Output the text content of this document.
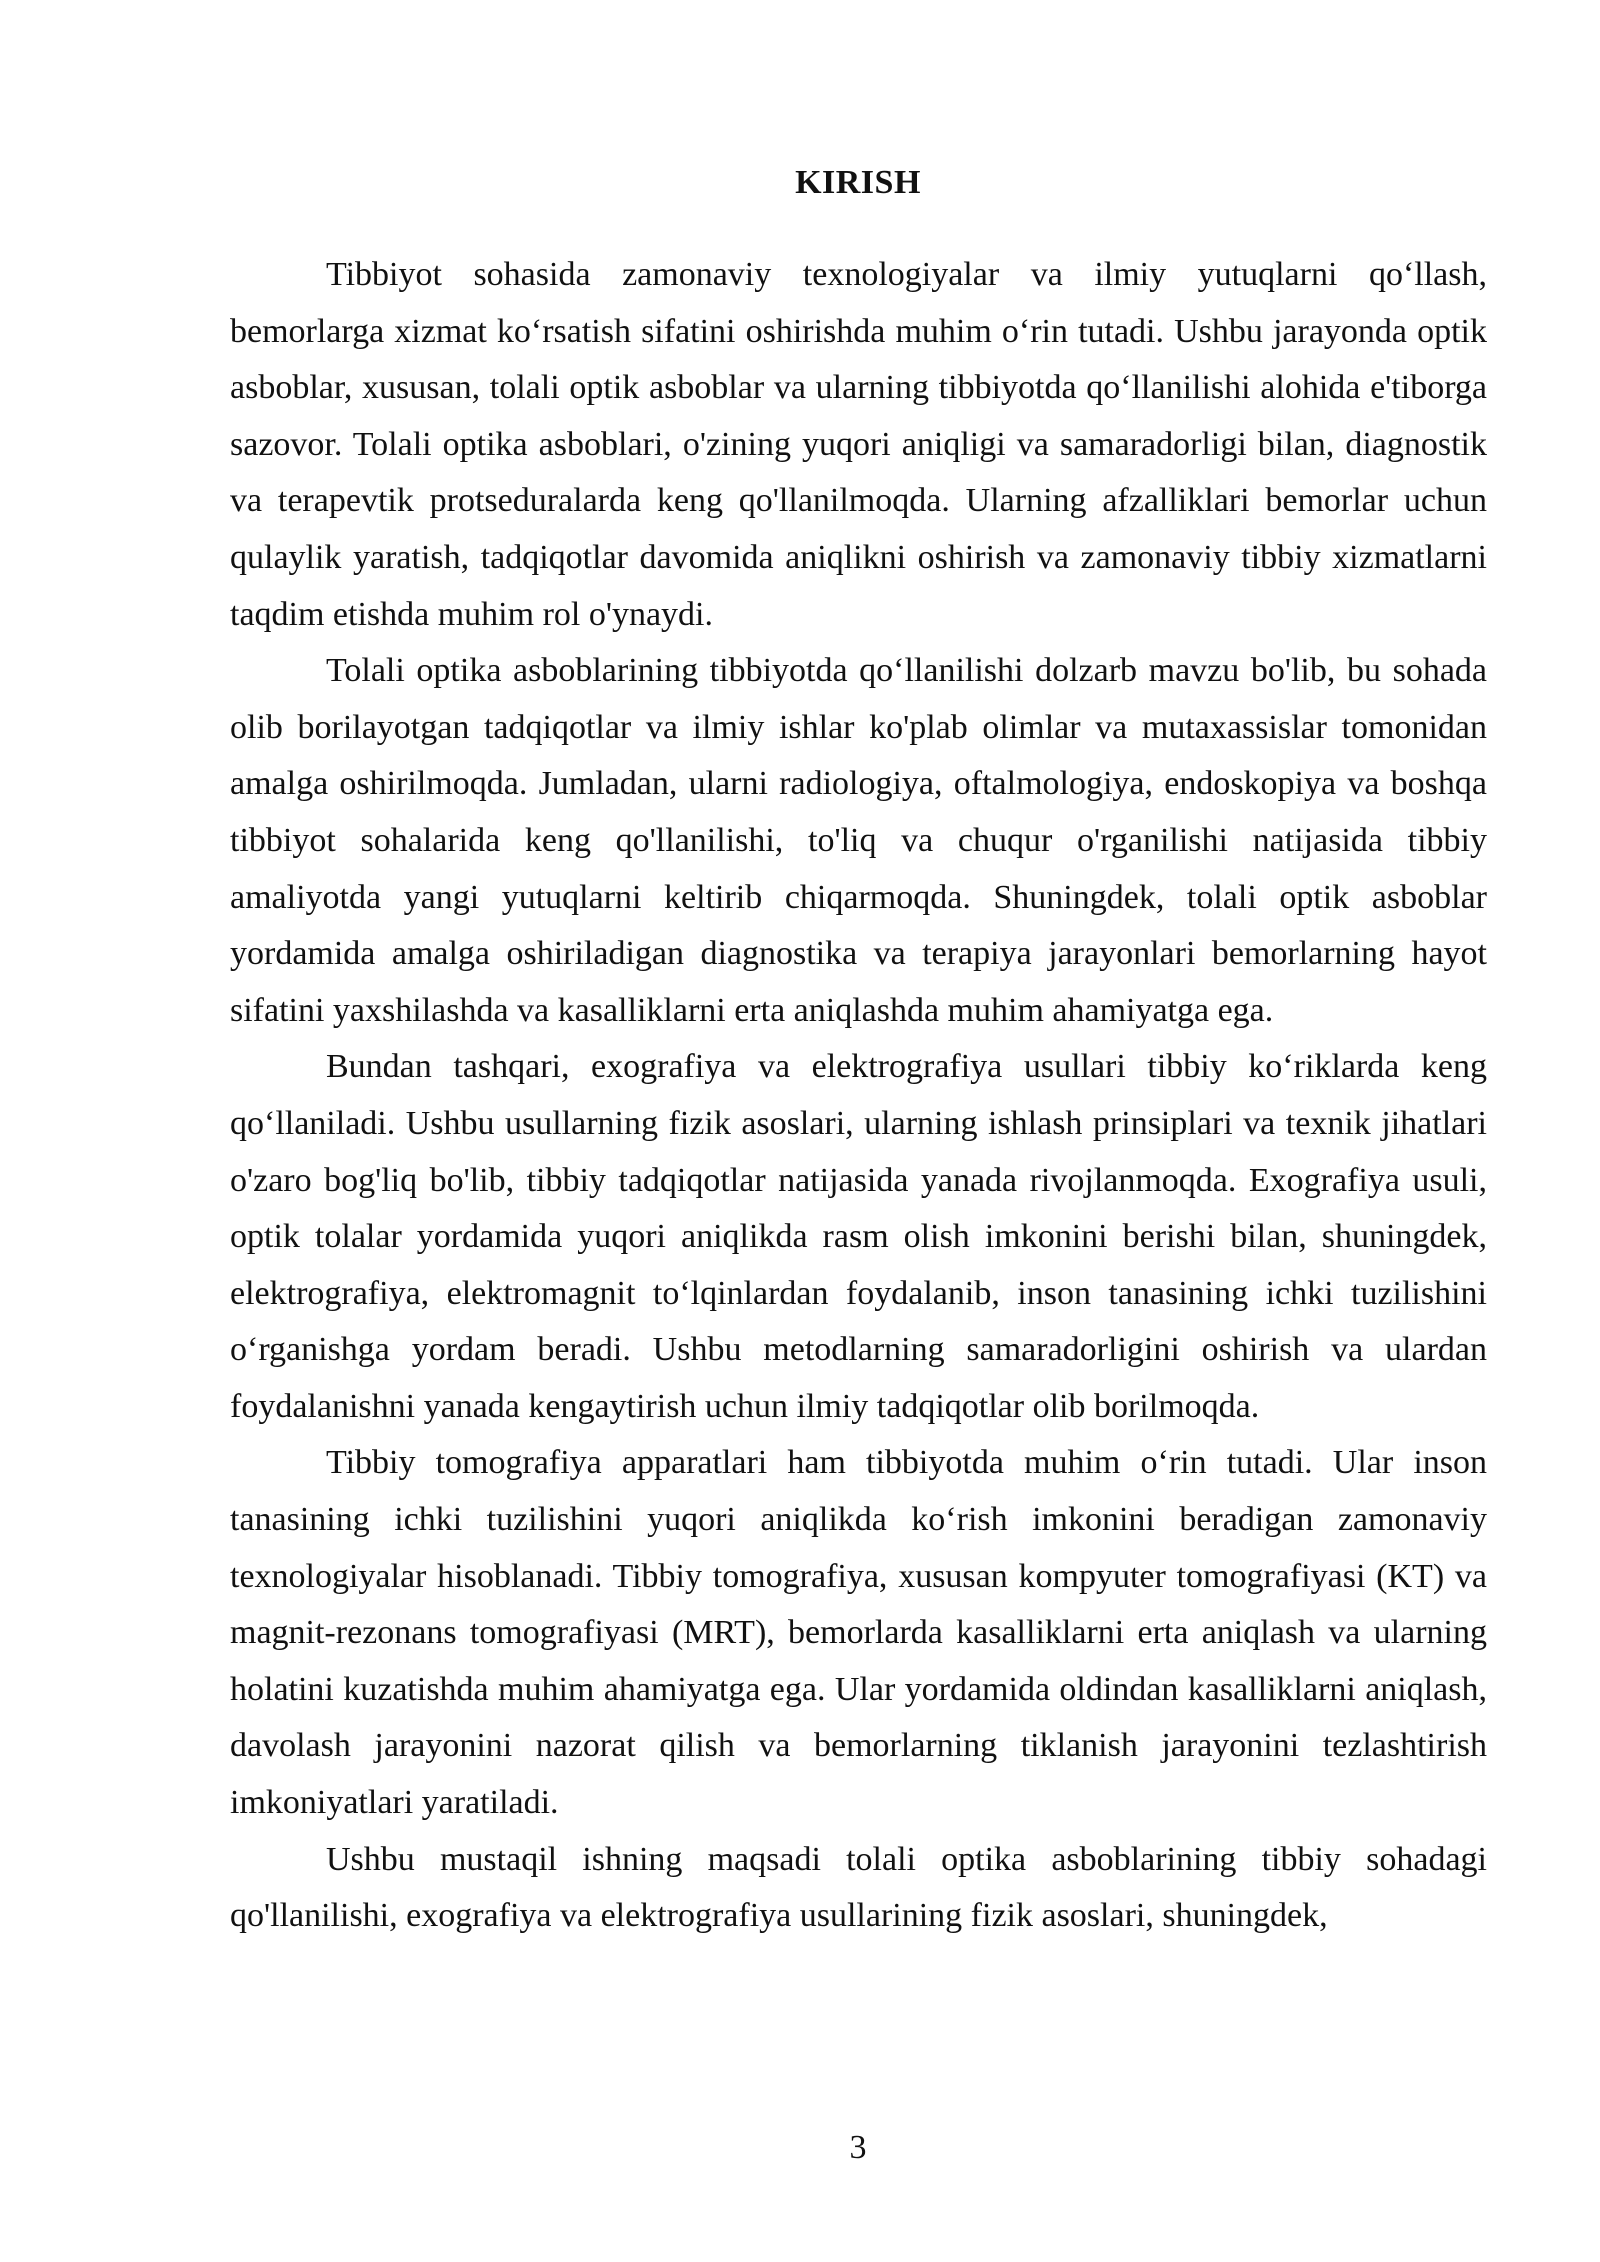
KIRISH

Tibbiyot sohasida zamonaviy texnologiyalar va ilmiy yutuqlarni qo‘llash, bemorlarga xizmat ko‘rsatish sifatini oshirishda muhim o‘rin tutadi. Ushbu jarayonda optik asboblar, xususan, tolali optik asboblar va ularning tibbiyotda qo‘llanilishi alohida e'tiborga sazovor. Tolali optika asboblari, o'zining yuqori aniqligi va samaradorligi bilan, diagnostik va terapevtik protseduralarda keng qo'llanilmoqda. Ularning afzalliklari bemorlar uchun qulaylik yaratish, tadqiqotlar davomida aniqlikni oshirish va zamonaviy tibbiy xizmatlarni taqdim etishda muhim rol o'ynaydi.

Tolali optika asboblarining tibbiyotda qo‘llanilishi dolzarb mavzu bo'lib, bu sohada olib borilayotgan tadqiqotlar va ilmiy ishlar ko'plab olimlar va mutaxassislar tomonidan amalga oshirilmoqda. Jumladan, ularni radiologiya, oftalmologiya, endoskopiya va boshqa tibbiyot sohalarida keng qo'llanilishi, to'liq va chuqur o'rganilishi natijasida tibbiy amaliyotda yangi yutuqlarni keltirib chiqarmoqda. Shuningdek, tolali optik asboblar yordamida amalga oshiriladigan diagnostika va terapiya jarayonlari bemorlarning hayot sifatini yaxshilashda va kasalliklarni erta aniqlashda muhim ahamiyatga ega.

Bundan tashqari, exografiya va elektrografiya usullari tibbiy ko‘riklarda keng qo‘llaniladi. Ushbu usullarning fizik asoslari, ularning ishlash prinsiplari va texnik jihatlari o'zaro bog'liq bo'lib, tibbiy tadqiqotlar natijasida yanada rivojlanmoqda. Exografiya usuli, optik tolalar yordamida yuqori aniqlikda rasm olish imkonini berishi bilan, shuningdek, elektrografiya, elektromagnit to‘lqinlardan foydalanib, inson tanasining ichki tuzilishini o‘rganishga yordam beradi. Ushbu metodlarning samaradorligini oshirish va ulardan foydalanishni yanada kengaytirish uchun ilmiy tadqiqotlar olib borilmoqda.

Tibbiy tomografiya apparatlari ham tibbiyotda muhim o‘rin tutadi. Ular inson tanasining ichki tuzilishini yuqori aniqlikda ko‘rish imkonini beradigan zamonaviy texnologiyalar hisoblanadi. Tibbiy tomografiya, xususan kompyuter tomografiyasi (KT) va magnit-rezonans tomografiyasi (MRT), bemorlarda kasalliklarni erta aniqlash va ularning holatini kuzatishda muhim ahamiyatga ega. Ular yordamida oldindan kasalliklarni aniqlash, davolash jarayonini nazorat qilish va bemorlarning tiklanish jarayonini tezlashtirish imkoniyatlari yaratiladi.

Ushbu mustaqil ishning maqsadi tolali optika asboblarining tibbiy sohadagi qo'llanilishi, exografiya va elektrografiya usullarining fizik asoslari, shuningdek,

3
